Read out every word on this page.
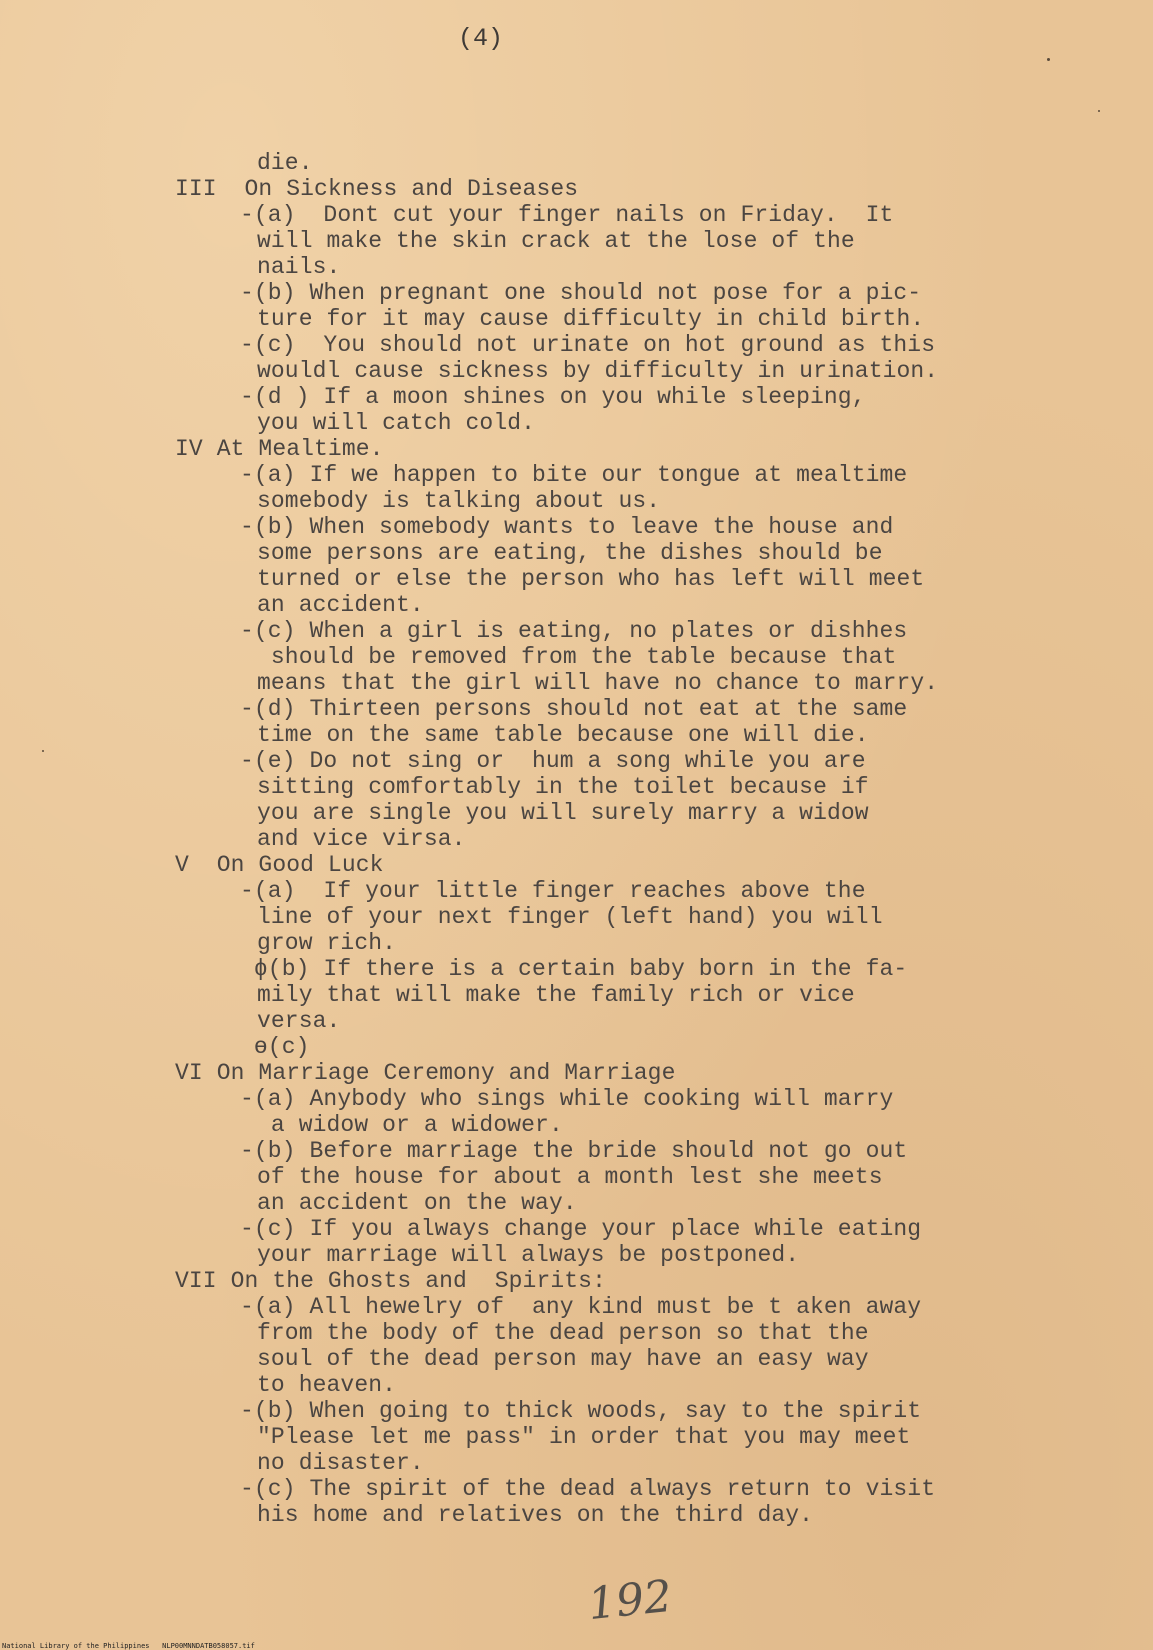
(4)
die.
III  On Sickness and Diseases
-(a)  Dont cut your finger nails on Friday.  It
will make the skin crack at the lose of the
nails.
-(b) When pregnant one should not pose for a pic-
ture for it may cause difficulty in child birth.
-(c)  You should not urinate on hot ground as this
wouldl cause sickness by difficulty in urination.
-(d ) If a moon shines on you while sleeping,
you will catch cold.
IV At Mealtime.
-(a) If we happen to bite our tongue at mealtime
somebody is talking about us.
-(b) When somebody wants to leave the house and
some persons are eating, the dishes should be
turned or else the person who has left will meet
an accident.
-(c) When a girl is eating, no plates or dishhes
should be removed from the table because that
means that the girl will have no chance to marry.
-(d) Thirteen persons should not eat at the same
time on the same table because one will die.
-(e) Do not sing or  hum a song while you are
sitting comfortably in the toilet because if
you are single you will surely marry a widow
and vice virsa.
V  On Good Luck
-(a)  If your little finger reaches above the
line of your next finger (left hand) you will
grow rich.
ɸ(b) If there is a certain baby born in the fa-
mily that will make the family rich or vice
versa.
ɵ(c)
VI On Marriage Ceremony and Marriage
-(a) Anybody who sings while cooking will marry
a widow or a widower.
-(b) Before marriage the bride should not go out
of the house for about a month lest she meets
an accident on the way.
-(c) If you always change your place while eating
your marriage will always be postponed.
VII On the Ghosts and  Spirits:
-(a) All hewelry of  any kind must be t aken away
from the body of the dead person so that the
soul of the dead person may have an easy way
to heaven.
-(b) When going to thick woods, say to the spirit
"Please let me pass" in order that you may meet
no disaster.
-(c) The spirit of the dead always return to visit
his home and relatives on the third day.
192
National Library of the Philippines   NLP00MNNDATB058057.tif
